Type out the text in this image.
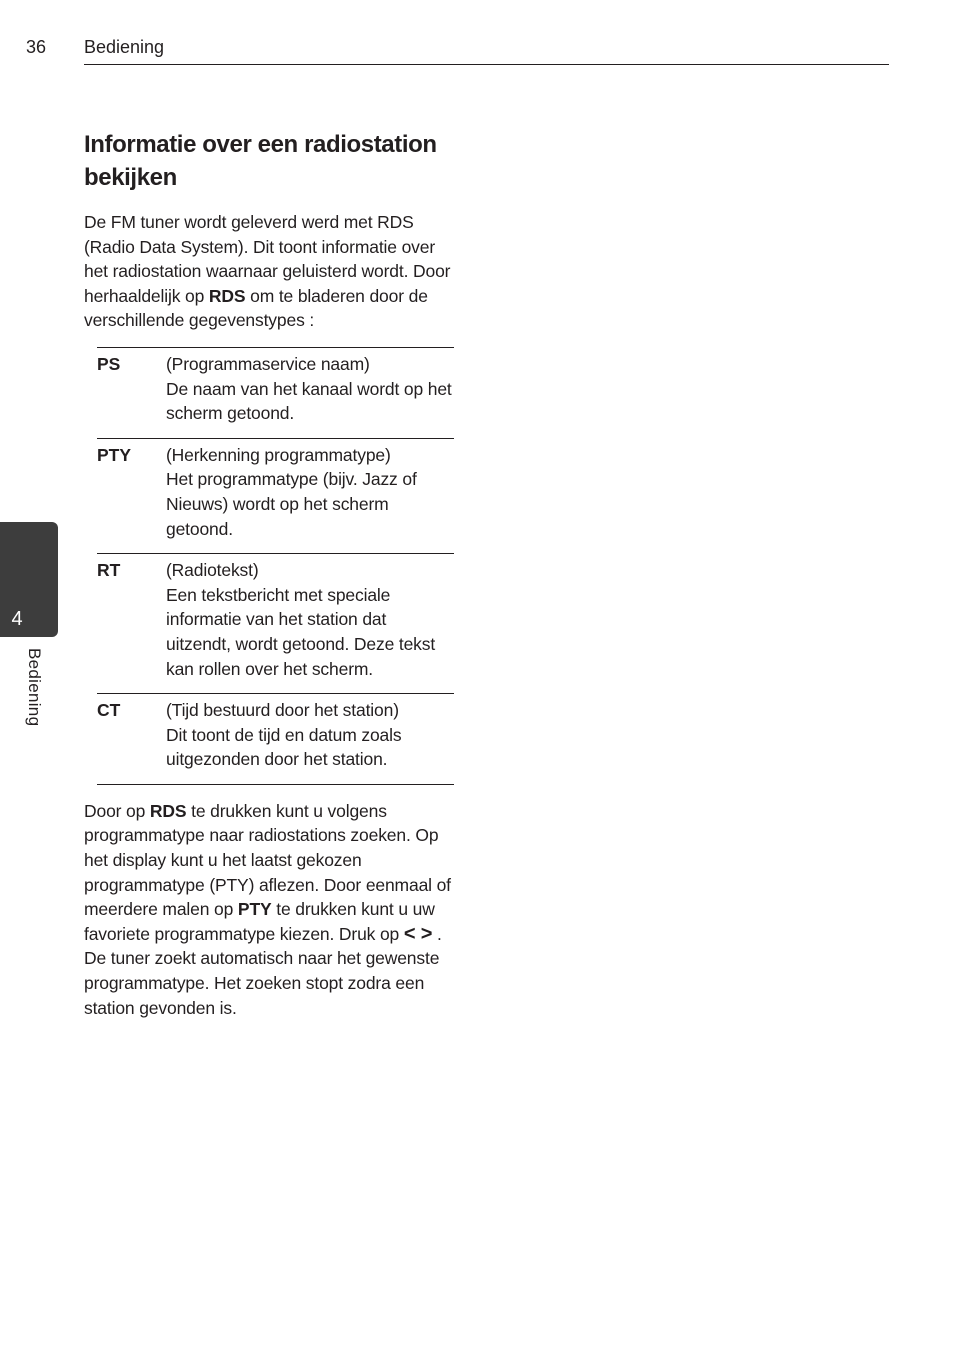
36 Bediening
4
Bediening
Informatie over een radiostation bekijken

De FM tuner wordt geleverd werd met RDS (Radio Data System). Dit toont informatie over het radiostation waarnaar geluisterd wordt. Door herhaaldelijk op RDS om te bladeren door de verschillende gegevenstypes :

PS	(Programmaservice naam)
De naam van het kanaal wordt op het scherm getoond.
PTY	(Herkenning programmatype)
Het programmatype (bijv. Jazz of Nieuws) wordt op het scherm getoond.
RT	(Radiotekst)
Een tekstbericht met speciale informatie van het station dat uitzendt, wordt getoond. Deze tekst kan rollen over het scherm.
CT	(Tijd bestuurd door het station)
Dit toont de tijd en datum zoals uitgezonden door het station.

Door op RDS te drukken kunt u volgens programmatype naar radiostations zoeken. Op het display kunt u het laatst gekozen programmatype (PTY) aflezen. Door eenmaal of meerdere malen op PTY te drukken kunt u uw favoriete programmatype kiezen. Druk op < > . De tuner zoekt automatisch naar het gewenste programmatype. Het zoeken stopt zodra een station gevonden is.
